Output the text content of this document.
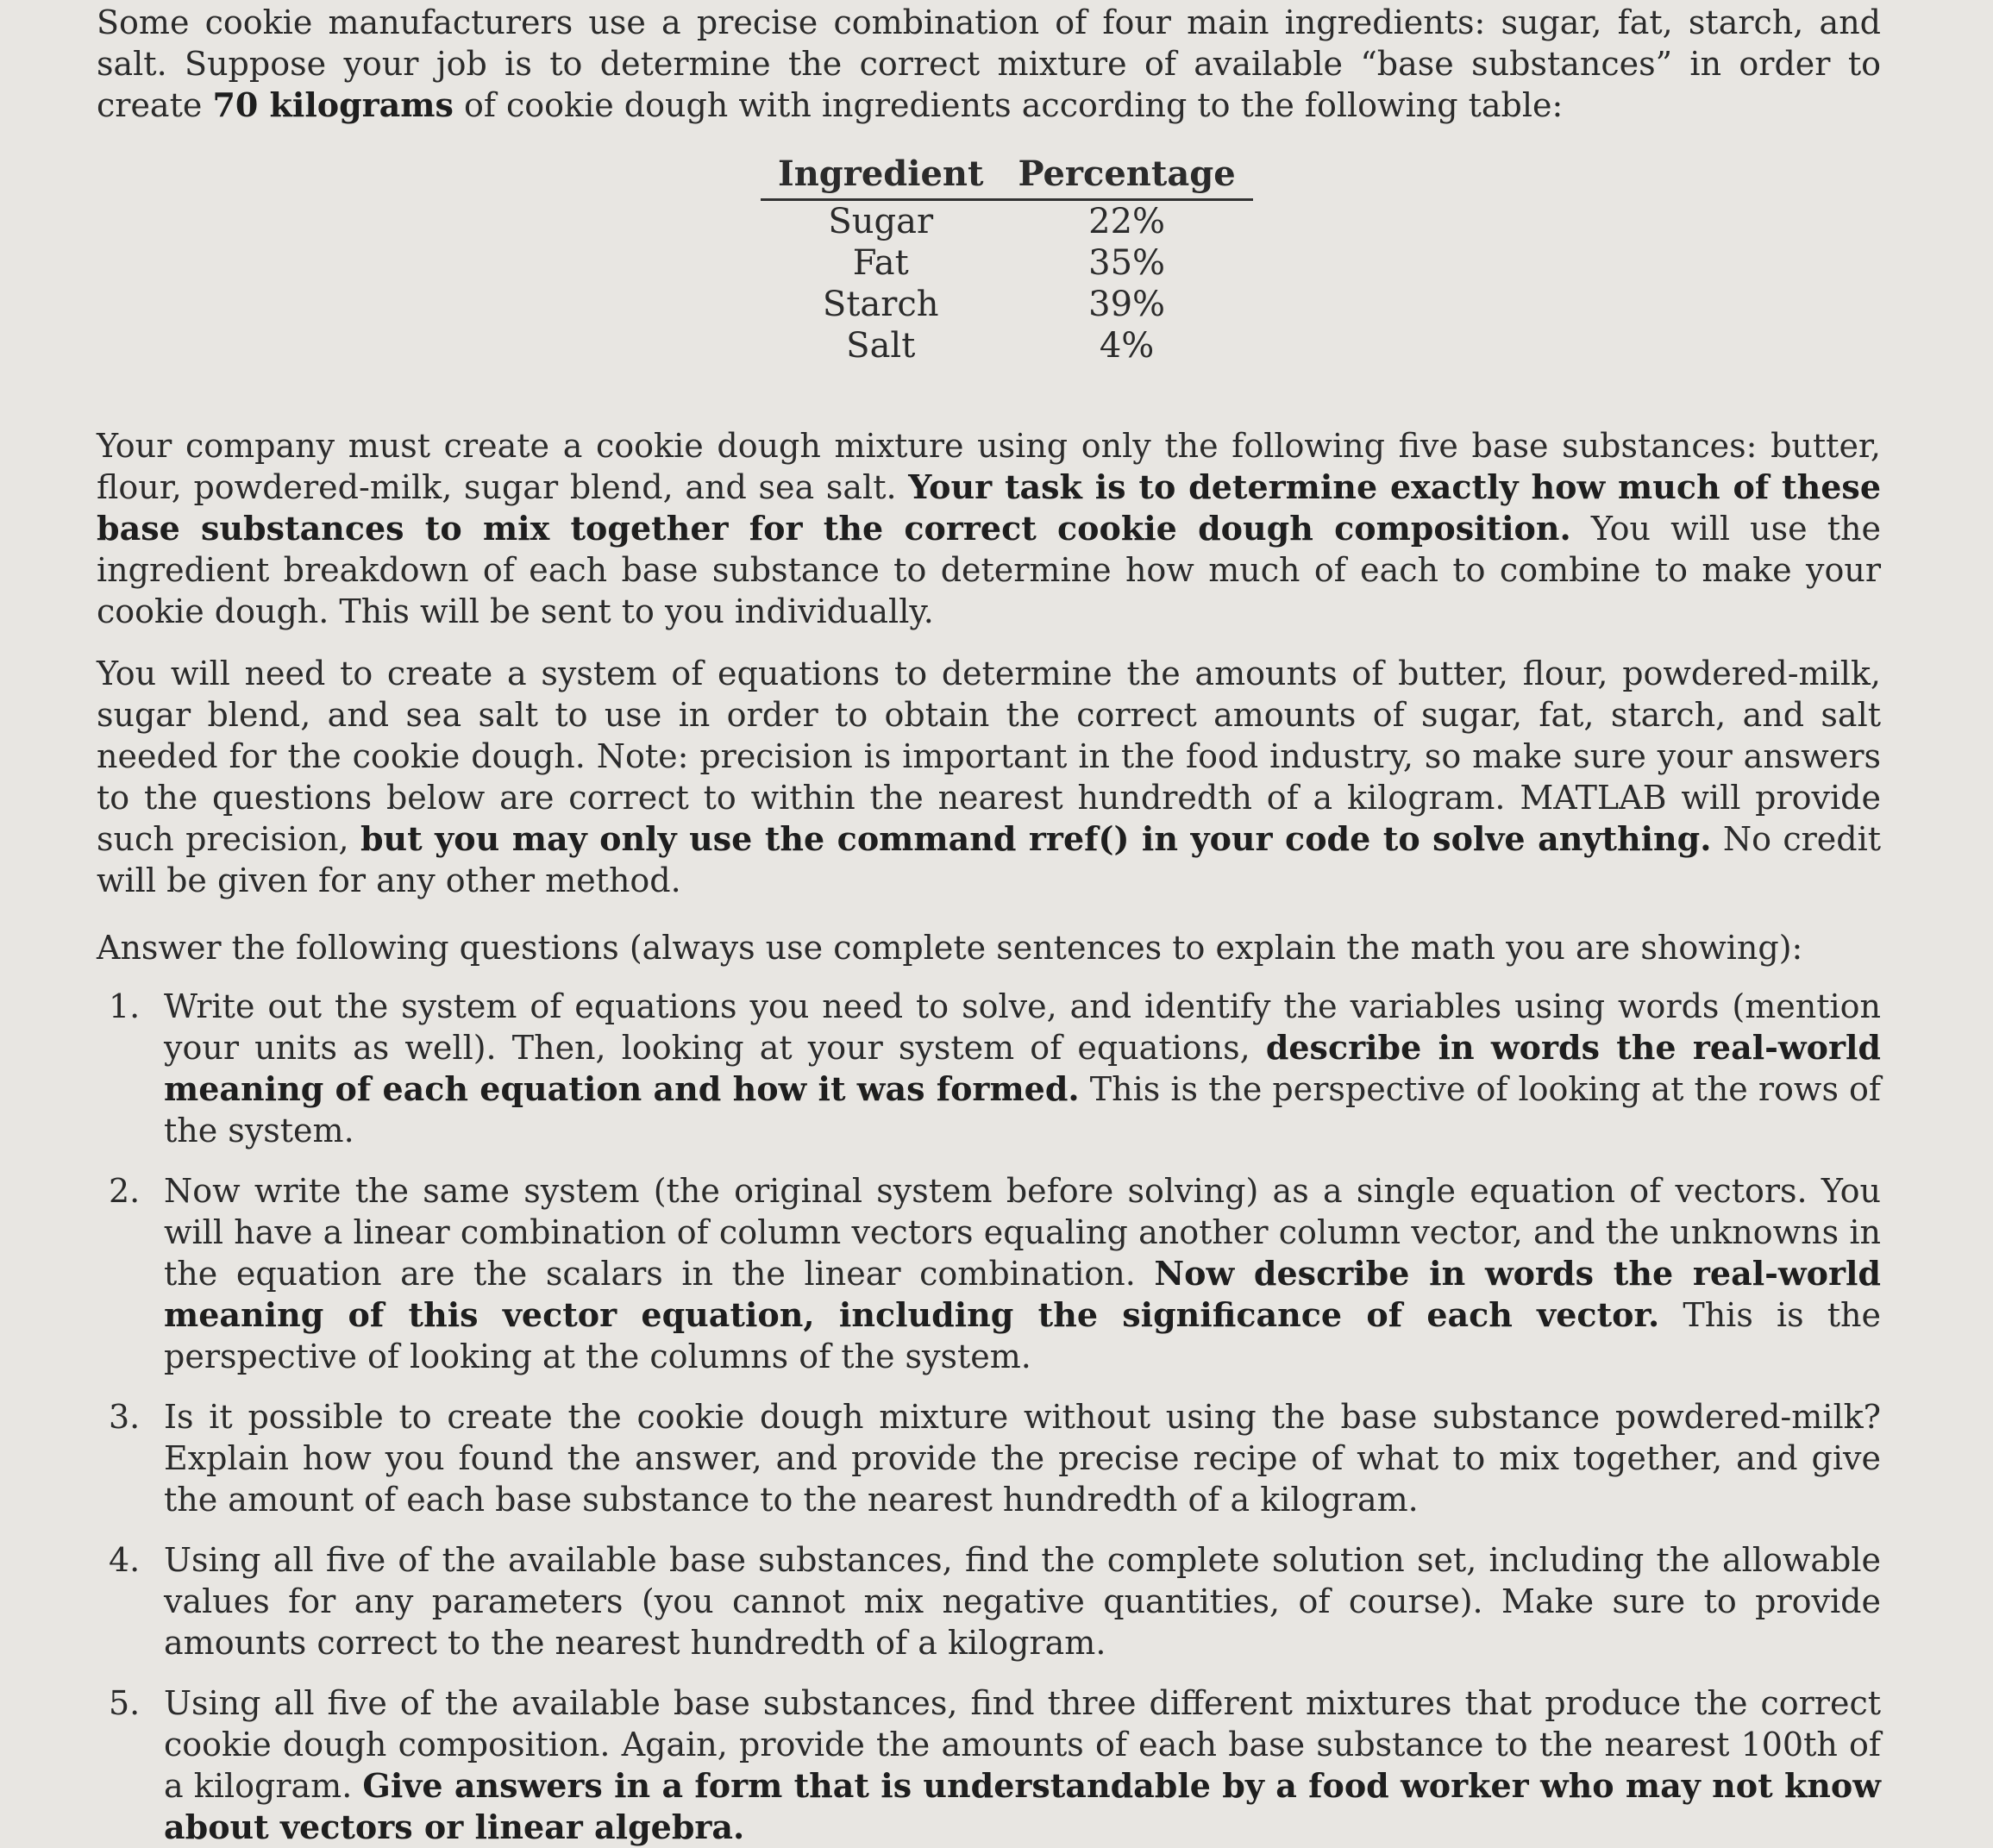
Some cookie manufacturers use a precise combination of four main ingredients: sugar, fat, starch, and salt. Suppose your job is to determine the correct mixture of available “base substances” in order to create 70 kilograms of cookie dough with ingredients according to the following table:

Ingredient	Percentage
Sugar	22%
Fat	35%
Starch	39%
Salt	4%

Your company must create a cookie dough mixture using only the following five base substances: butter, flour, powdered-milk, sugar blend, and sea salt. Your task is to determine exactly how much of these base substances to mix together for the correct cookie dough composition. You will use the ingredient breakdown of each base substance to determine how much of each to combine to make your cookie dough. This will be sent to you individually.

You will need to create a system of equations to determine the amounts of butter, flour, powdered-milk, sugar blend, and sea salt to use in order to obtain the correct amounts of sugar, fat, starch, and salt needed for the cookie dough. Note: precision is important in the food industry, so make sure your answers to the questions below are correct to within the nearest hundredth of a kilogram. MATLAB will provide such precision, but you may only use the command rref() in your code to solve anything. No credit will be given for any other method.

Answer the following questions (always use complete sentences to explain the math you are showing):

1. Write out the system of equations you need to solve, and identify the variables using words (mention your units as well). Then, looking at your system of equations, describe in words the real-world meaning of each equation and how it was formed. This is the perspective of looking at the rows of the system.
2. Now write the same system (the original system before solving) as a single equation of vectors. You will have a linear combination of column vectors equaling another column vector, and the unknowns in the equation are the scalars in the linear combination. Now describe in words the real-world meaning of this vector equation, including the significance of each vector. This is the perspective of looking at the columns of the system.
3. Is it possible to create the cookie dough mixture without using the base substance powdered-milk? Explain how you found the answer, and provide the precise recipe of what to mix together, and give the amount of each base substance to the nearest hundredth of a kilogram.
4. Using all five of the available base substances, find the complete solution set, including the allowable values for any parameters (you cannot mix negative quantities, of course). Make sure to provide amounts correct to the nearest hundredth of a kilogram.
5. Using all five of the available base substances, find three different mixtures that produce the correct cookie dough composition. Again, provide the amounts of each base substance to the nearest 100th of a kilogram. Give answers in a form that is understandable by a food worker who may not know about vectors or linear algebra.
